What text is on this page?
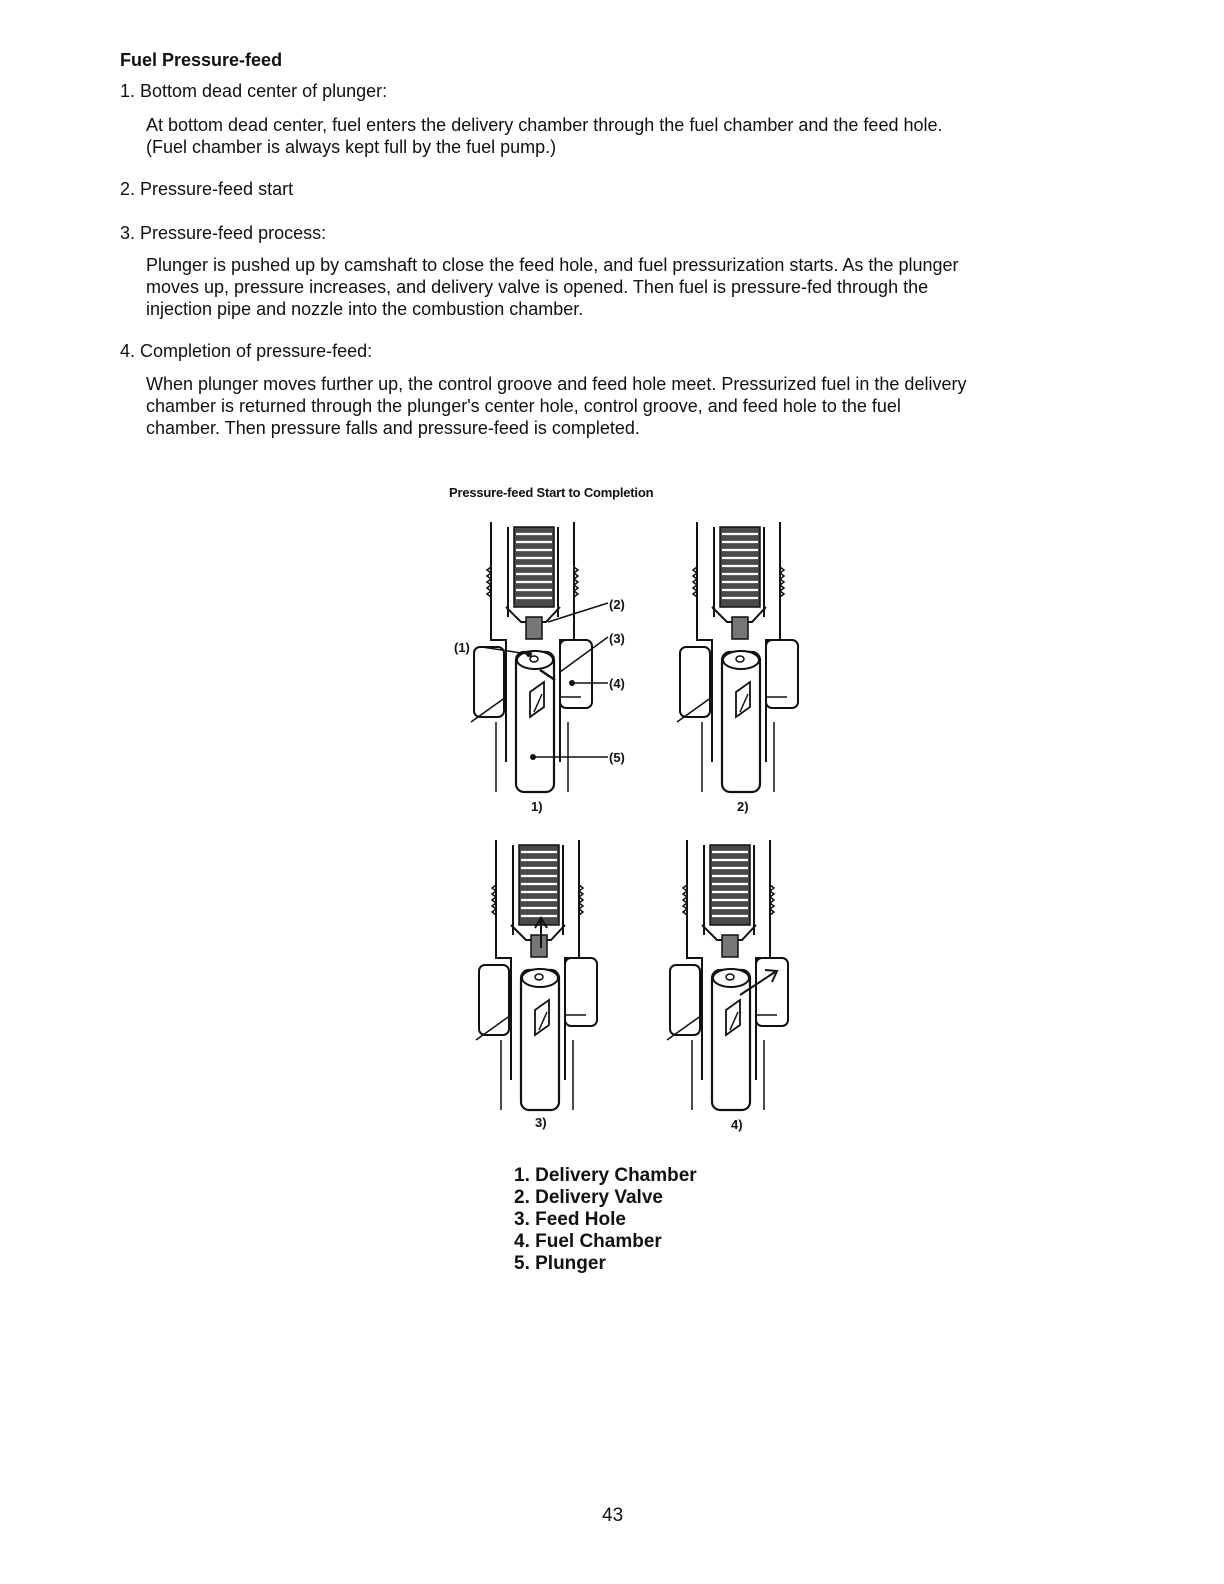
Fuel Pressure-feed
1. Bottom dead center of plunger:
At bottom dead center, fuel enters the delivery chamber through the fuel chamber and the feed hole. (Fuel chamber is always kept full by the fuel pump.)
2. Pressure-feed start
3. Pressure-feed process:
Plunger is pushed up by camshaft to close the feed hole, and fuel pressurization starts. As the plunger moves up, pressure increases, and delivery valve is opened. Then fuel is pressure-fed through the injection pipe and nozzle into the combustion chamber.
4. Completion of pressure-feed:
When plunger moves further up, the control groove and feed hole meet. Pressurized fuel in the delivery chamber is returned through the plunger's center hole, control groove, and feed hole to the fuel chamber. Then pressure falls and pressure-feed is completed.
Pressure-feed Start to Completion
(1)
(2)
(3)
(4)
(5)
1)	2)
3)	4)
1. Delivery Chamber
2. Delivery Valve
3. Feed Hole
4. Fuel Chamber
5. Plunger
43
